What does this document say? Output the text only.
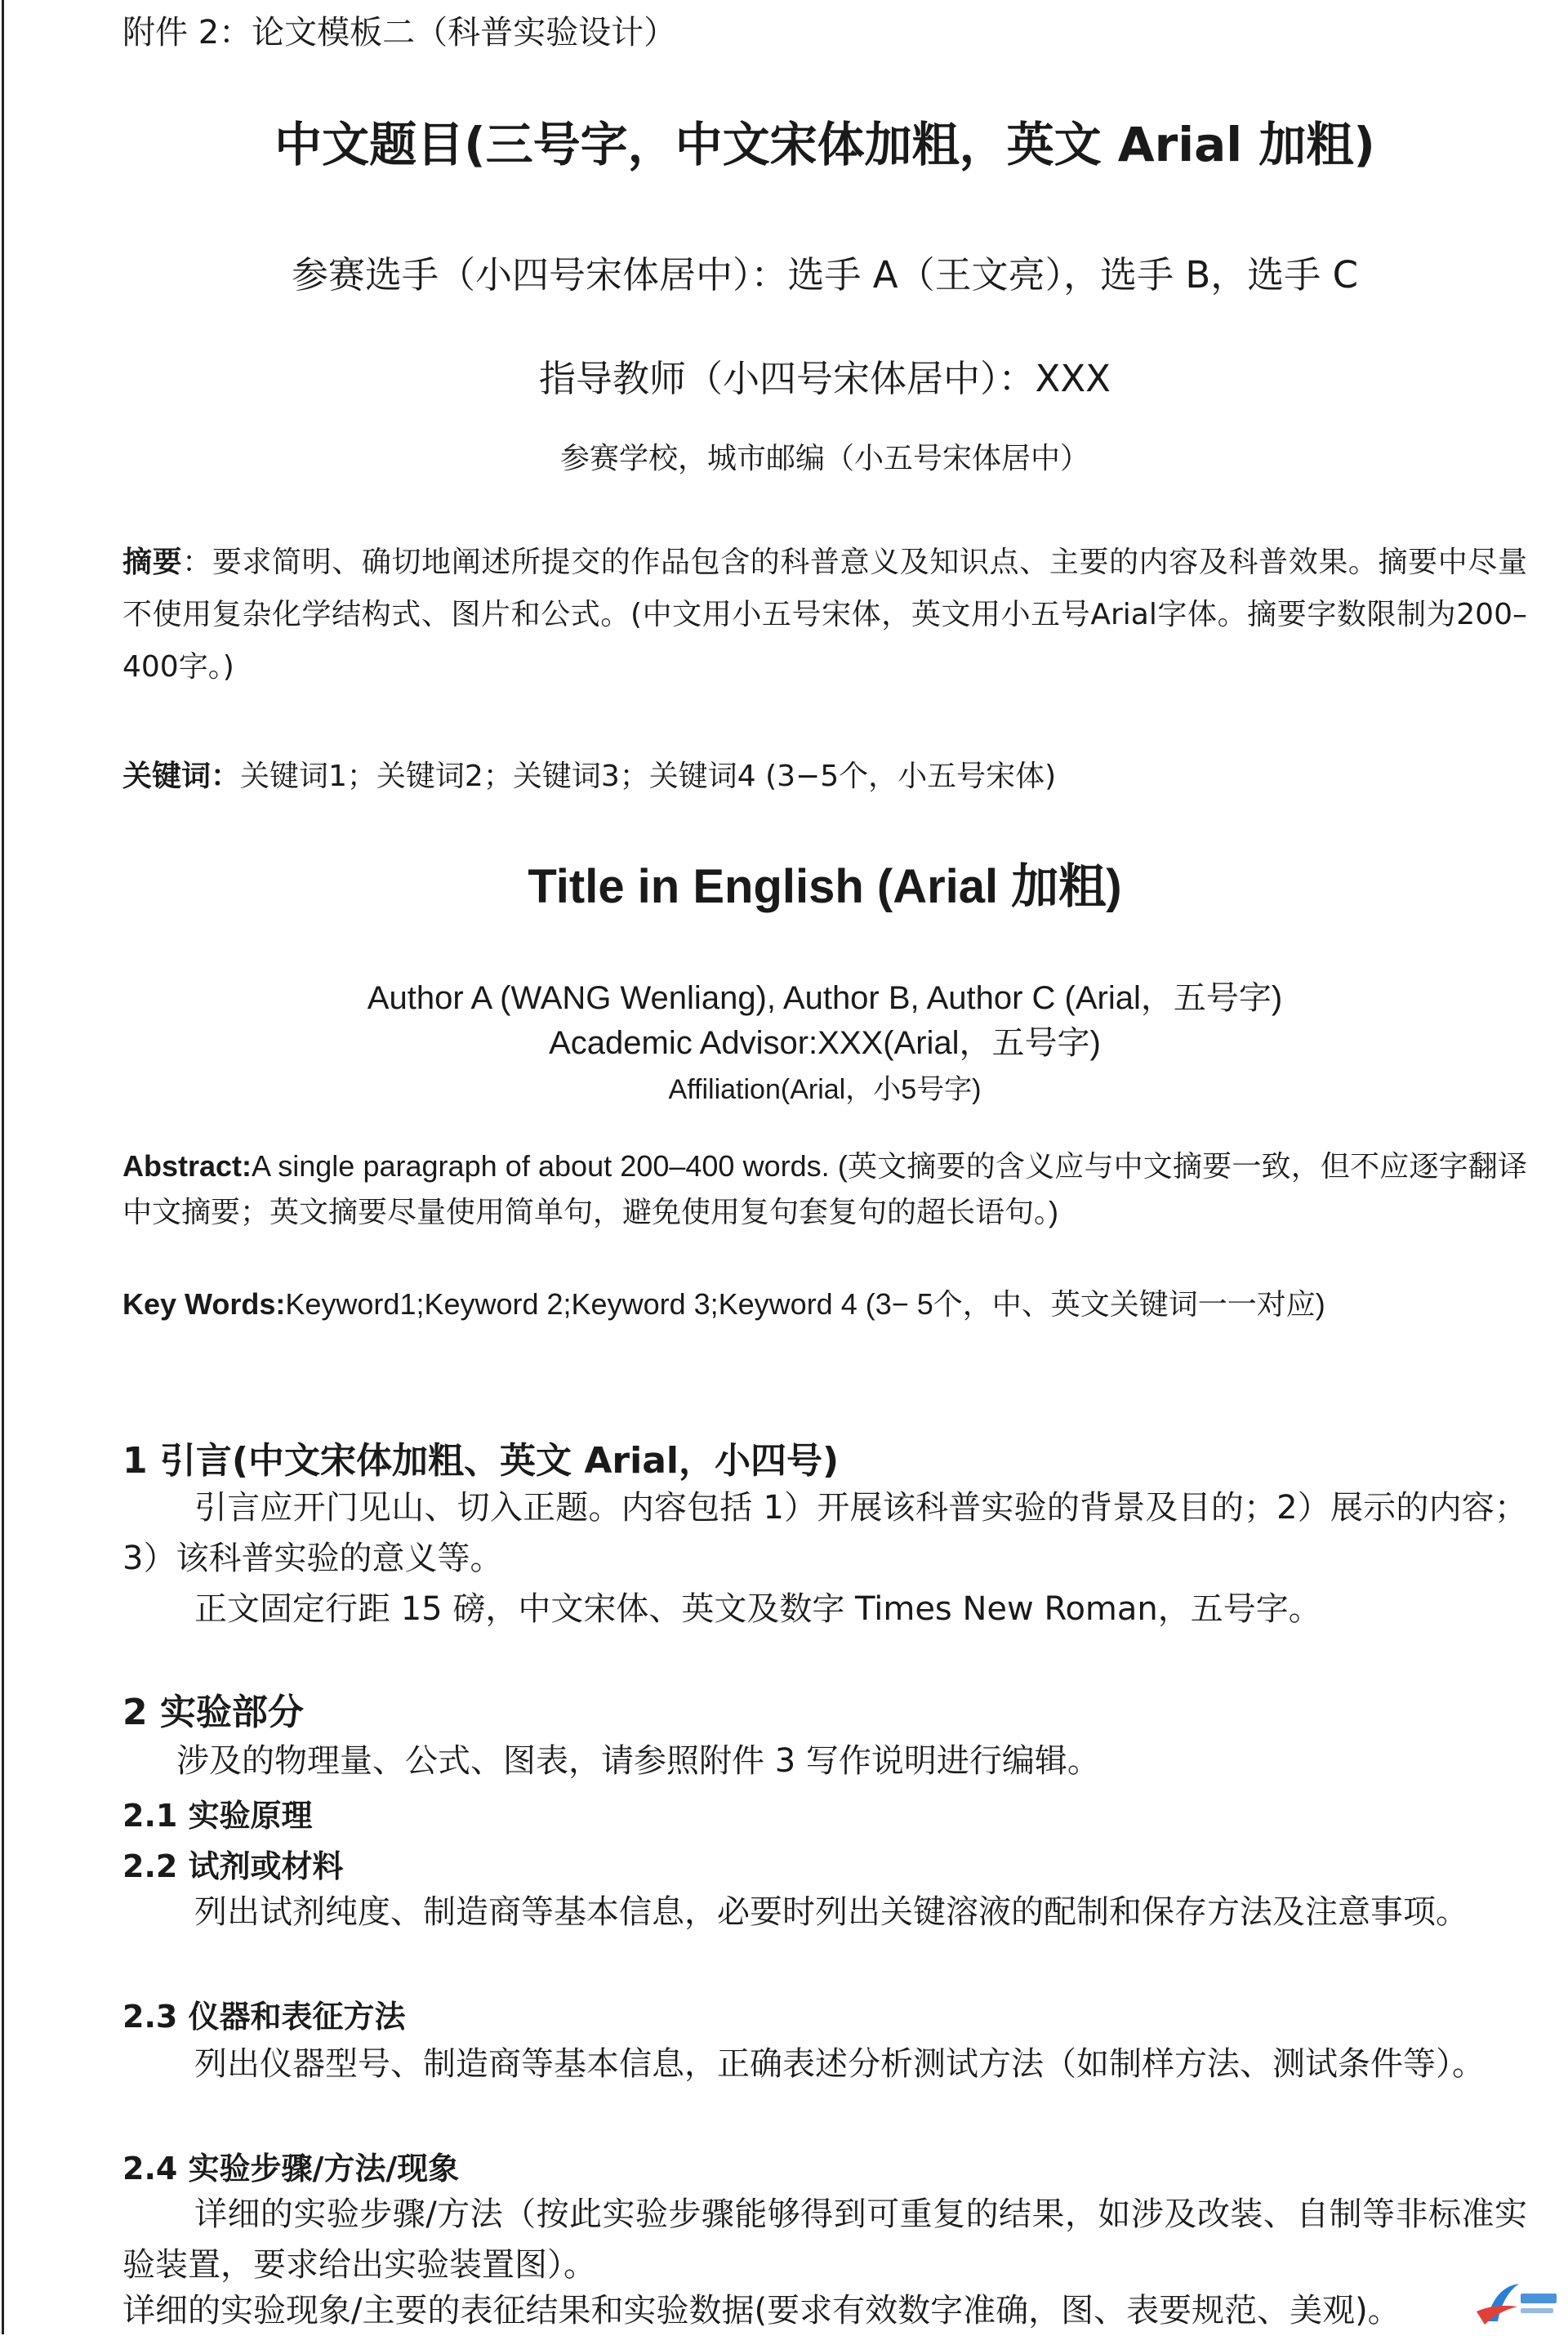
附件 2：论文模板二（科普实验设计）
中文题目(三号字，中文宋体加粗，英文 Arial 加粗)
参赛选手（小四号宋体居中）：选手 A（王文亮），选手 B，选手 C
指导教师（小四号宋体居中）：XXX
参赛学校，城市邮编（小五号宋体居中）
摘要：要求简明、确切地阐述所提交的作品包含的科普意义及知识点、主要的内容及科普效果。摘要中尽量不使用复杂化学结构式、图片和公式。(中文用小五号宋体，英文用小五号Arial字体。摘要字数限制为200–400字。)
关键词：关键词1；关键词2；关键词3；关键词4 (3−5个，小五号宋体)
Title in English (Arial 加粗)
Author A (WANG Wenliang), Author B, Author C (Arial，五号字)
Academic Advisor:XXX(Arial，五号字)
Affiliation(Arial，小5号字)
Abstract:A single paragraph of about 200–400 words. (英文摘要的含义应与中文摘要一致，但不应逐字翻译中文摘要；英文摘要尽量使用简单句，避免使用复句套复句的超长语句。)
Key Words:Keyword1;Keyword 2;Keyword 3;Keyword 4 (3− 5个，中、英文关键词一一对应)
1 引言(中文宋体加粗、英文 Arial，小四号)
引言应开门见山、切入正题。内容包括 1）开展该科普实验的背景及目的；2）展示的内容；3）该科普实验的意义等。
正文固定行距 15 磅，中文宋体、英文及数字 Times New Roman，五号字。
2 实验部分
涉及的物理量、公式、图表，请参照附件 3 写作说明进行编辑。
2.1 实验原理
2.2 试剂或材料
列出试剂纯度、制造商等基本信息，必要时列出关键溶液的配制和保存方法及注意事项。
2.3 仪器和表征方法
列出仪器型号、制造商等基本信息，正确表述分析测试方法（如制样方法、测试条件等）。
2.4 实验步骤/方法/现象
详细的实验步骤/方法（按此实验步骤能够得到可重复的结果，如涉及改装、自制等非标准实验装置，要求给出实验装置图）。
详细的实验现象/主要的表征结果和实验数据(要求有效数字准确，图、表要规范、美观)。
